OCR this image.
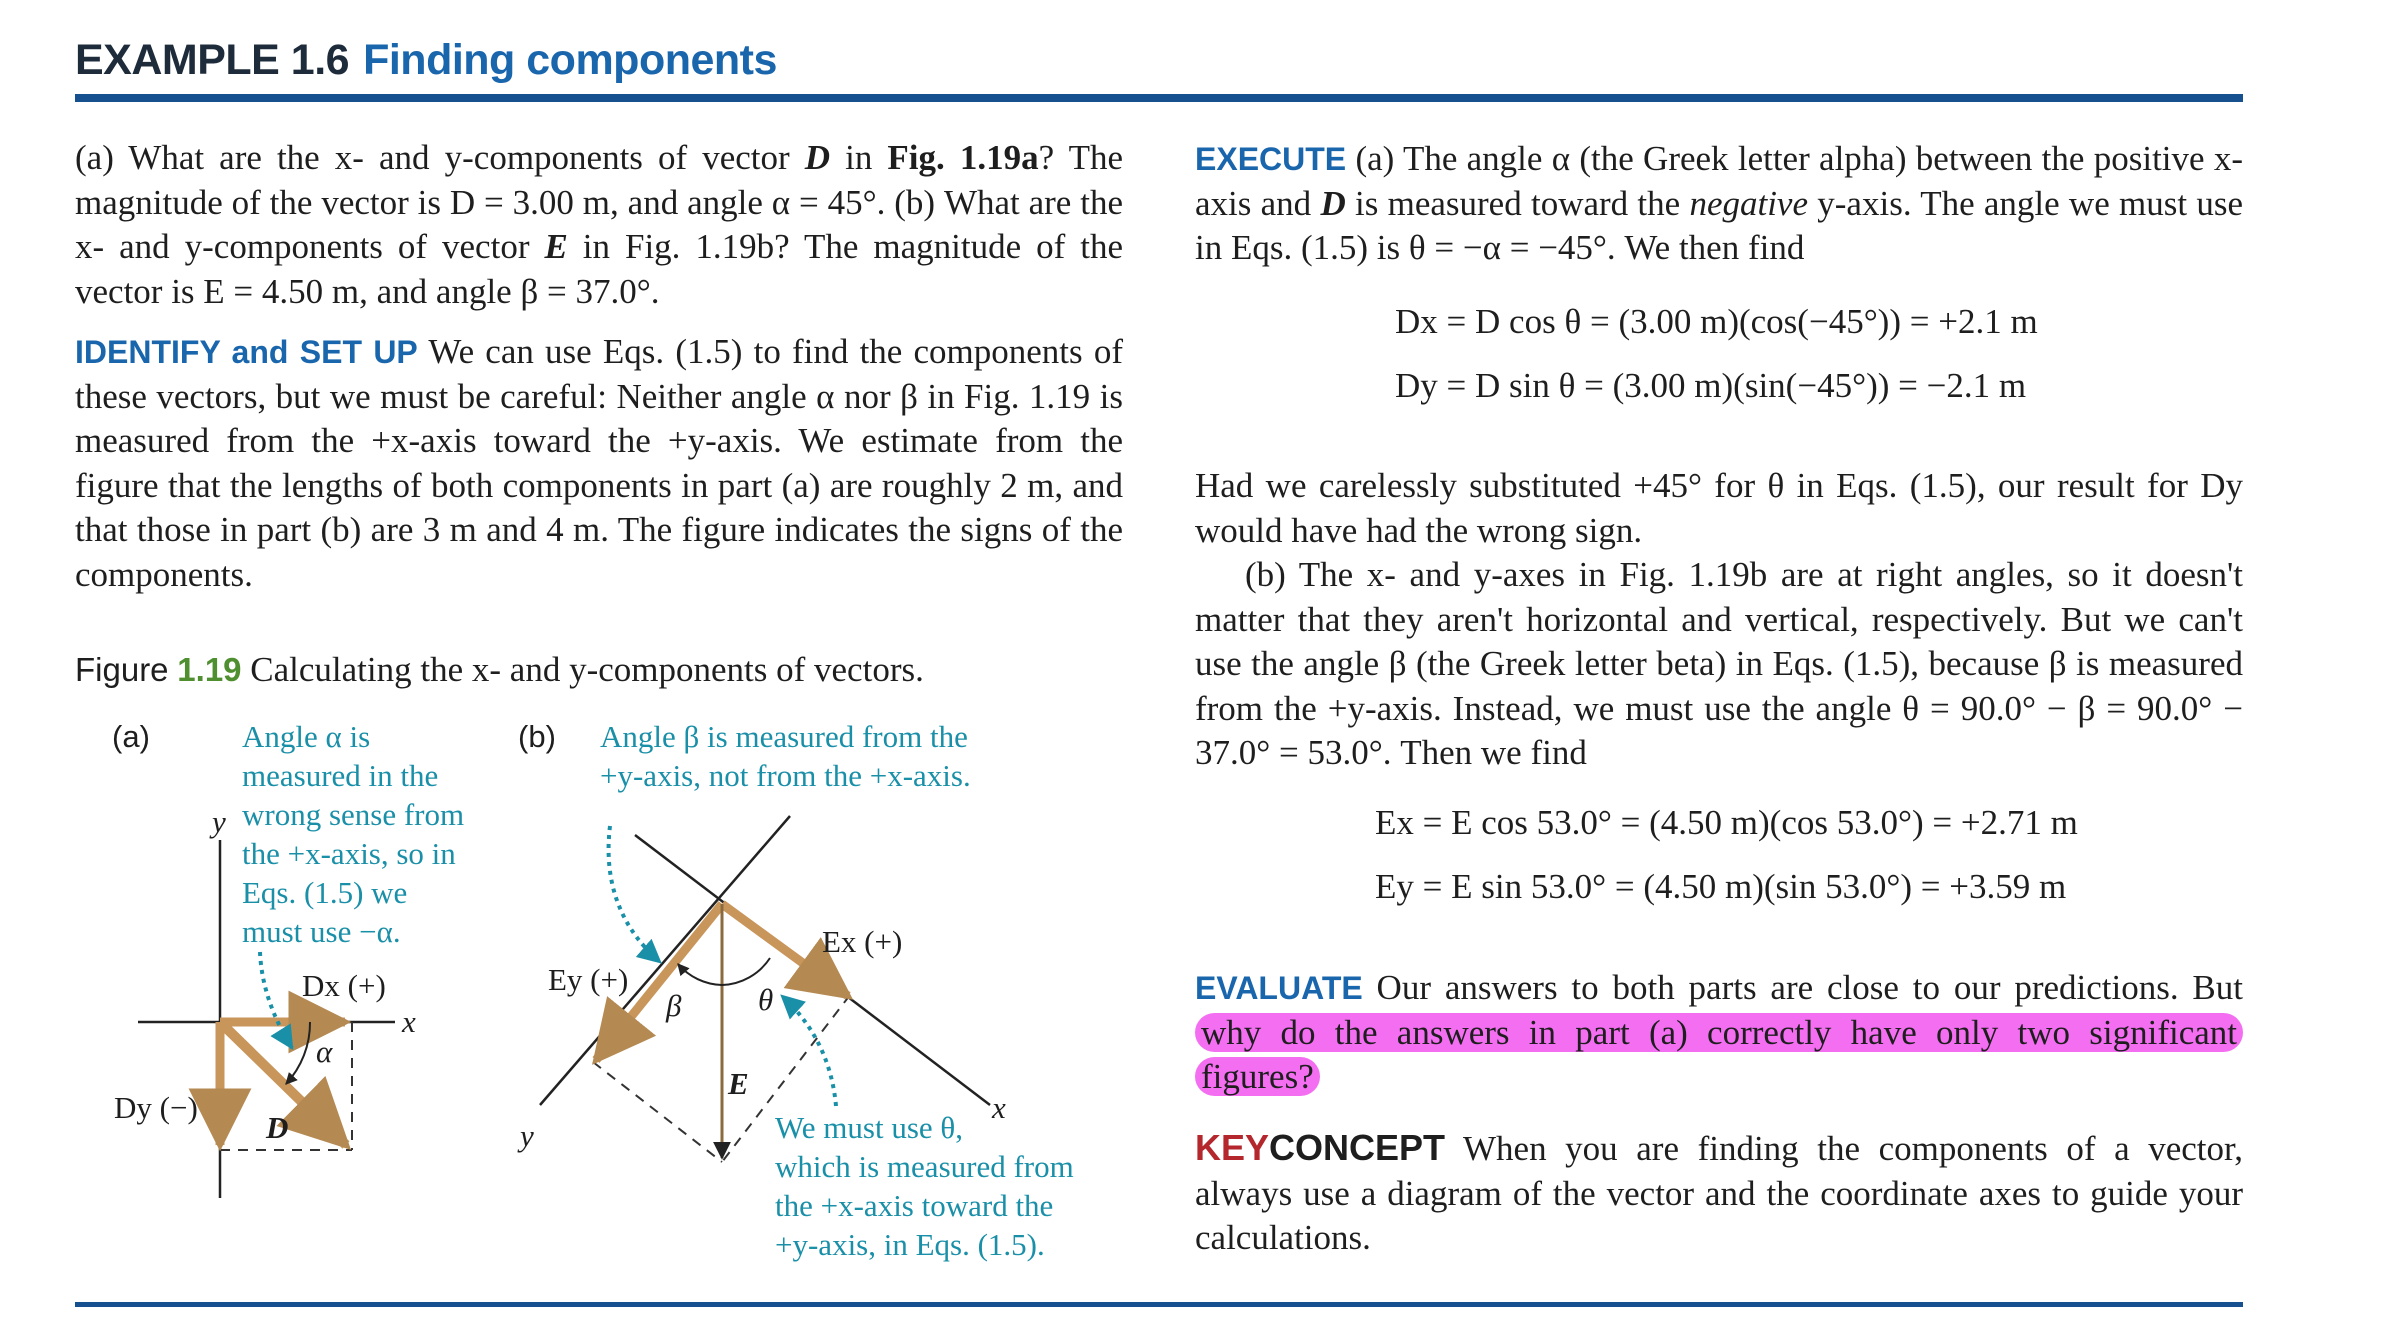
EXAMPLE 1.6 Finding components

(a) What are the x- and y-components of vector D in Fig. 1.19a? The magnitude of the vector is D = 3.00 m, and angle α = 45°. (b) What are the x- and y-components of vector E in Fig. 1.19b? The magnitude of the vector is E = 4.50 m, and angle β = 37.0°.

IDENTIFY and SET UP We can use Eqs. (1.5) to find the components of these vectors, but we must be careful: Neither angle α nor β in Fig. 1.19 is measured from the +x-axis toward the +y-axis. We estimate from the figure that the lengths of both components in part (a) are roughly 2 m, and that those in part (b) are 3 m and 4 m. The figure indicates the signs of the components.

Figure 1.19 Calculating the x- and y-components of vectors.
(a)	Angle α is
measured in the
wrong sense from
the +x-axis, so in
Eqs. (1.5) we
must use −α.
y
x
Dx (+)
Dy (−)
α
D
(b) Angle β is measured from the
+y-axis, not from the +x-axis.
y
x
Ex (+)
Ey (+)
β θ
E
We must use θ,
which is measured from
the +x-axis toward the
+y-axis, in Eqs. (1.5).

EXECUTE (a) The angle α (the Greek letter alpha) between the positive x-axis and D is measured toward the negative y-axis. The angle we must use in Eqs. (1.5) is θ = −α = −45°. We then find

Dx = D cos θ = (3.00 m)(cos(−45°)) = +2.1 m
Dy = D sin θ = (3.00 m)(sin(−45°)) = −2.1 m

Had we carelessly substituted +45° for θ in Eqs. (1.5), our result for Dy would have had the wrong sign.

(b) The x- and y-axes in Fig. 1.19b are at right angles, so it doesn't matter that they aren't horizontal and vertical, respectively. But we can't use the angle β (the Greek letter beta) in Eqs. (1.5), because β is measured from the +y-axis. Instead, we must use the angle θ = 90.0° − β = 90.0° − 37.0° = 53.0°. Then we find

Ex = E cos 53.0° = (4.50 m)(cos 53.0°) = +2.71 m
Ey = E sin 53.0° = (4.50 m)(sin 53.0°) = +3.59 m
EVALUATE Our answers to both parts are close to our predictions. But why do the answers in part (a) correctly have only two significant figures?
KEYCONCEPT When you are finding the components of a vector, always use a diagram of the vector and the coordinate axes to guide your calculations.
